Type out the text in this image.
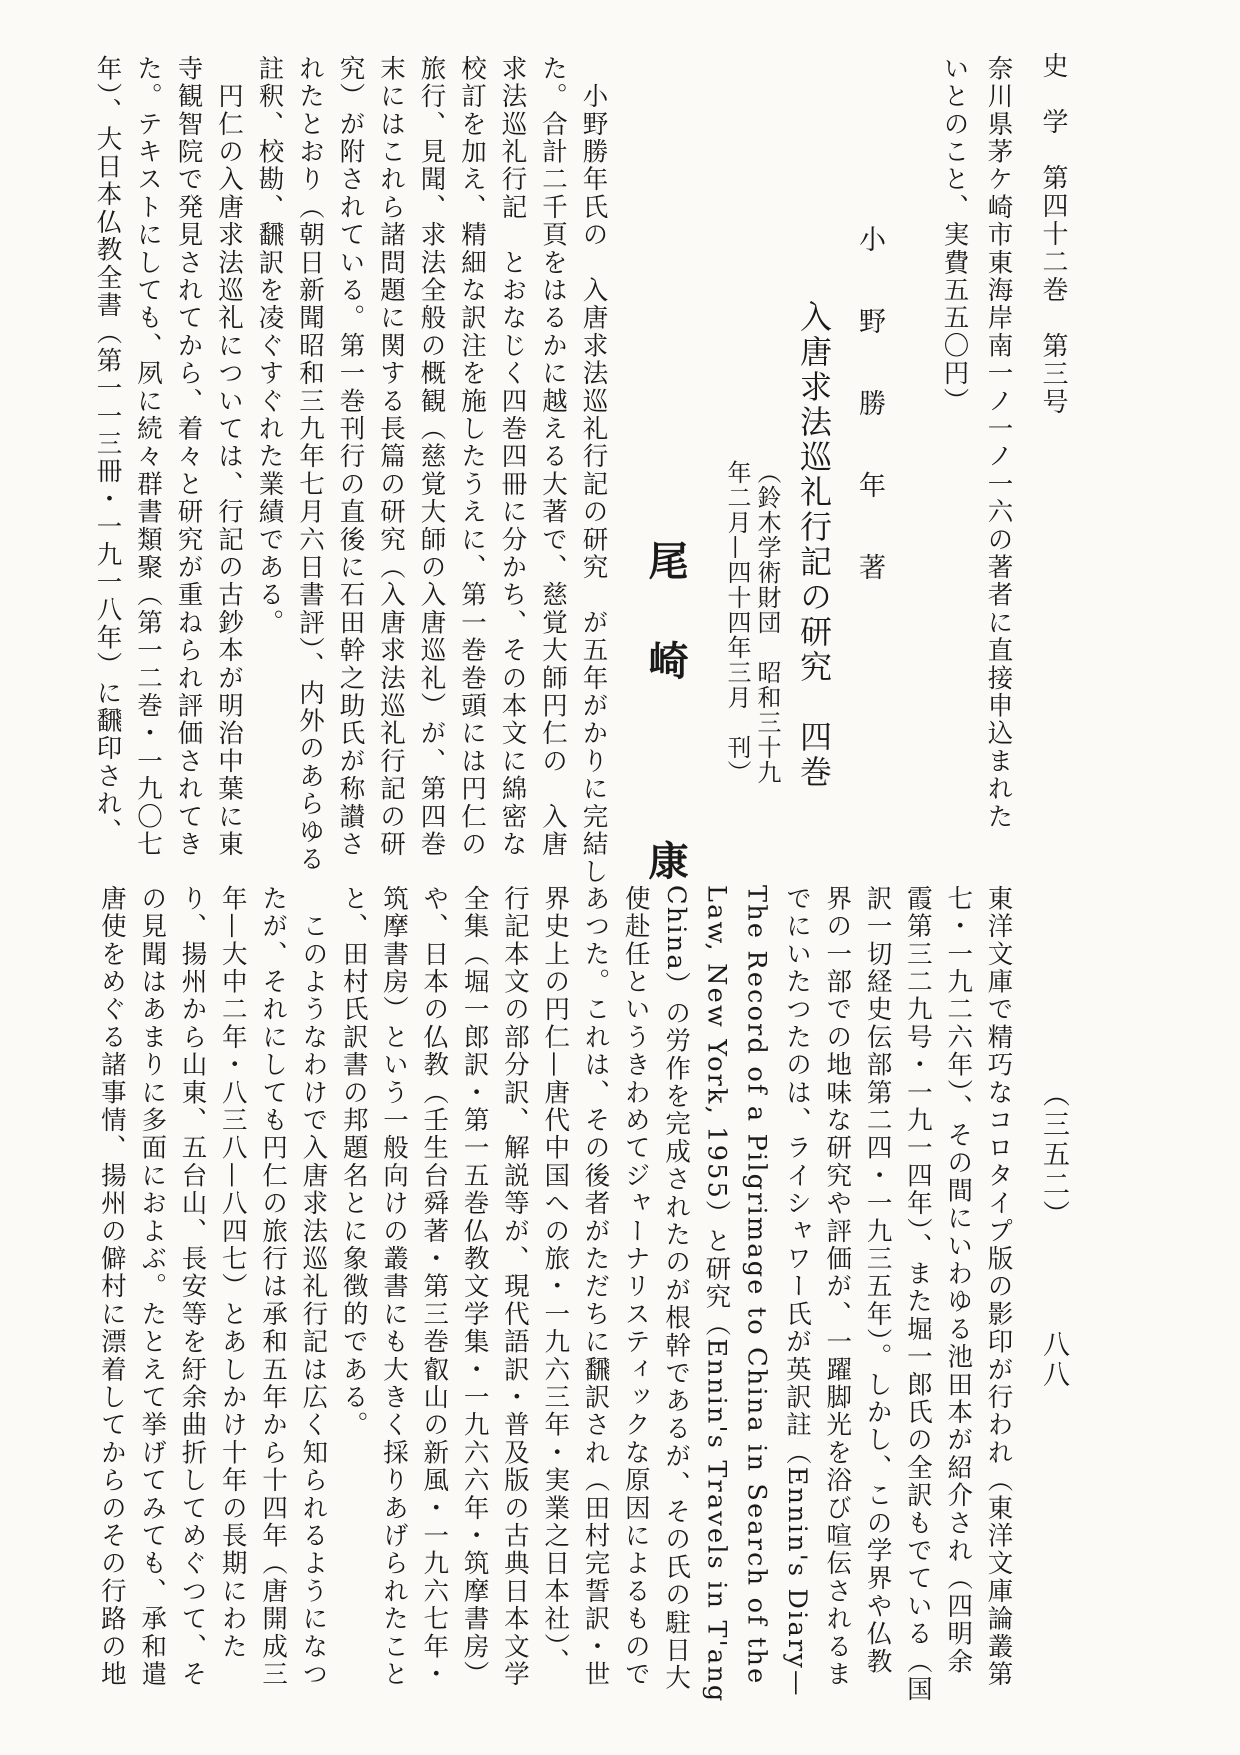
史　学　第四十二巻　第三号
（三五二）
八八
奈川県茅ケ崎市東海岸南一ノ一ノ一六の著者に直接申込まれた
いとのこと、実費五五〇円）
小　野　勝　年　著
入唐求法巡礼行記の研究　四巻
（鈴木学術財団　昭和三十九
年二月—四十四年三月　刊）
尾崎　康
　小野勝年氏の　入唐求法巡礼行記の研究　が五年がかりに完結し
た。合計二千頁をはるかに越える大著で、慈覚大師円仁の　入唐
求法巡礼行記　とおなじく四巻四冊に分かち、その本文に綿密な
校訂を加え、精細な訳注を施したうえに、第一巻巻頭には円仁の
旅行、見聞、求法全般の概観（慈覚大師の入唐巡礼）が、第四巻
末にはこれら諸問題に関する長篇の研究（入唐求法巡礼行記の研
究）が附されている。第一巻刊行の直後に石田幹之助氏が称讃さ
れたとおり（朝日新聞昭和三九年七月六日書評）、内外のあらゆる
註釈、校勘、飜訳を凌ぐすぐれた業績である。
　円仁の入唐求法巡礼については、行記の古鈔本が明治中葉に東
寺観智院で発見されてから、着々と研究が重ねられ評価されてき
た。テキストにしても、夙に続々群書類聚（第一二巻・一九〇七
年）、大日本仏教全書（第一一三冊・一九一八年）に飜印され、
東洋文庫で精巧なコロタイプ版の影印が行われ（東洋文庫論叢第
七・一九二六年）、その間にいわゆる池田本が紹介され（四明余
霞第三二九号・一九一四年）、また堀一郎氏の全訳もでている（国
訳一切経史伝部第二四・一九三五年）。しかし、この学界や仏教
界の一部での地味な研究や評価が、一躍脚光を浴び喧伝されるま
でにいたつたのは、ライシャワー氏が英訳註（Ennin's Diary—
The Record of a Pilgrimage to China in Search of the
Law, New York, 1955）と研究（Ennin's Travels in T'ang
China）の労作を完成されたのが根幹であるが、その氏の駐日大
使赴任というきわめてジャーナリスティックな原因によるもので
あつた。これは、その後者がただちに飜訳され（田村完誓訳・世
界史上の円仁—唐代中国への旅・一九六三年・実業之日本社）、
行記本文の部分訳、解説等が、現代語訳・普及版の古典日本文学
全集（堀一郎訳・第一五巻仏教文学集・一九六六年・筑摩書房）
や、日本の仏教（壬生台舜著・第三巻叡山の新風・一九六七年・
筑摩書房）という一般向けの叢書にも大きく採りあげられたこと
と、田村氏訳書の邦題名とに象徴的である。
　このようなわけで入唐求法巡礼行記は広く知られるようになつ
たが、それにしても円仁の旅行は承和五年から十四年（唐開成三
年—大中二年・八三八—八四七）とあしかけ十年の長期にわた
り、揚州から山東、五台山、長安等を紆余曲折してめぐつて、そ
の見聞はあまりに多面におよぶ。たとえて挙げてみても、承和遣
唐使をめぐる諸事情、揚州の僻村に漂着してからのその行路の地
